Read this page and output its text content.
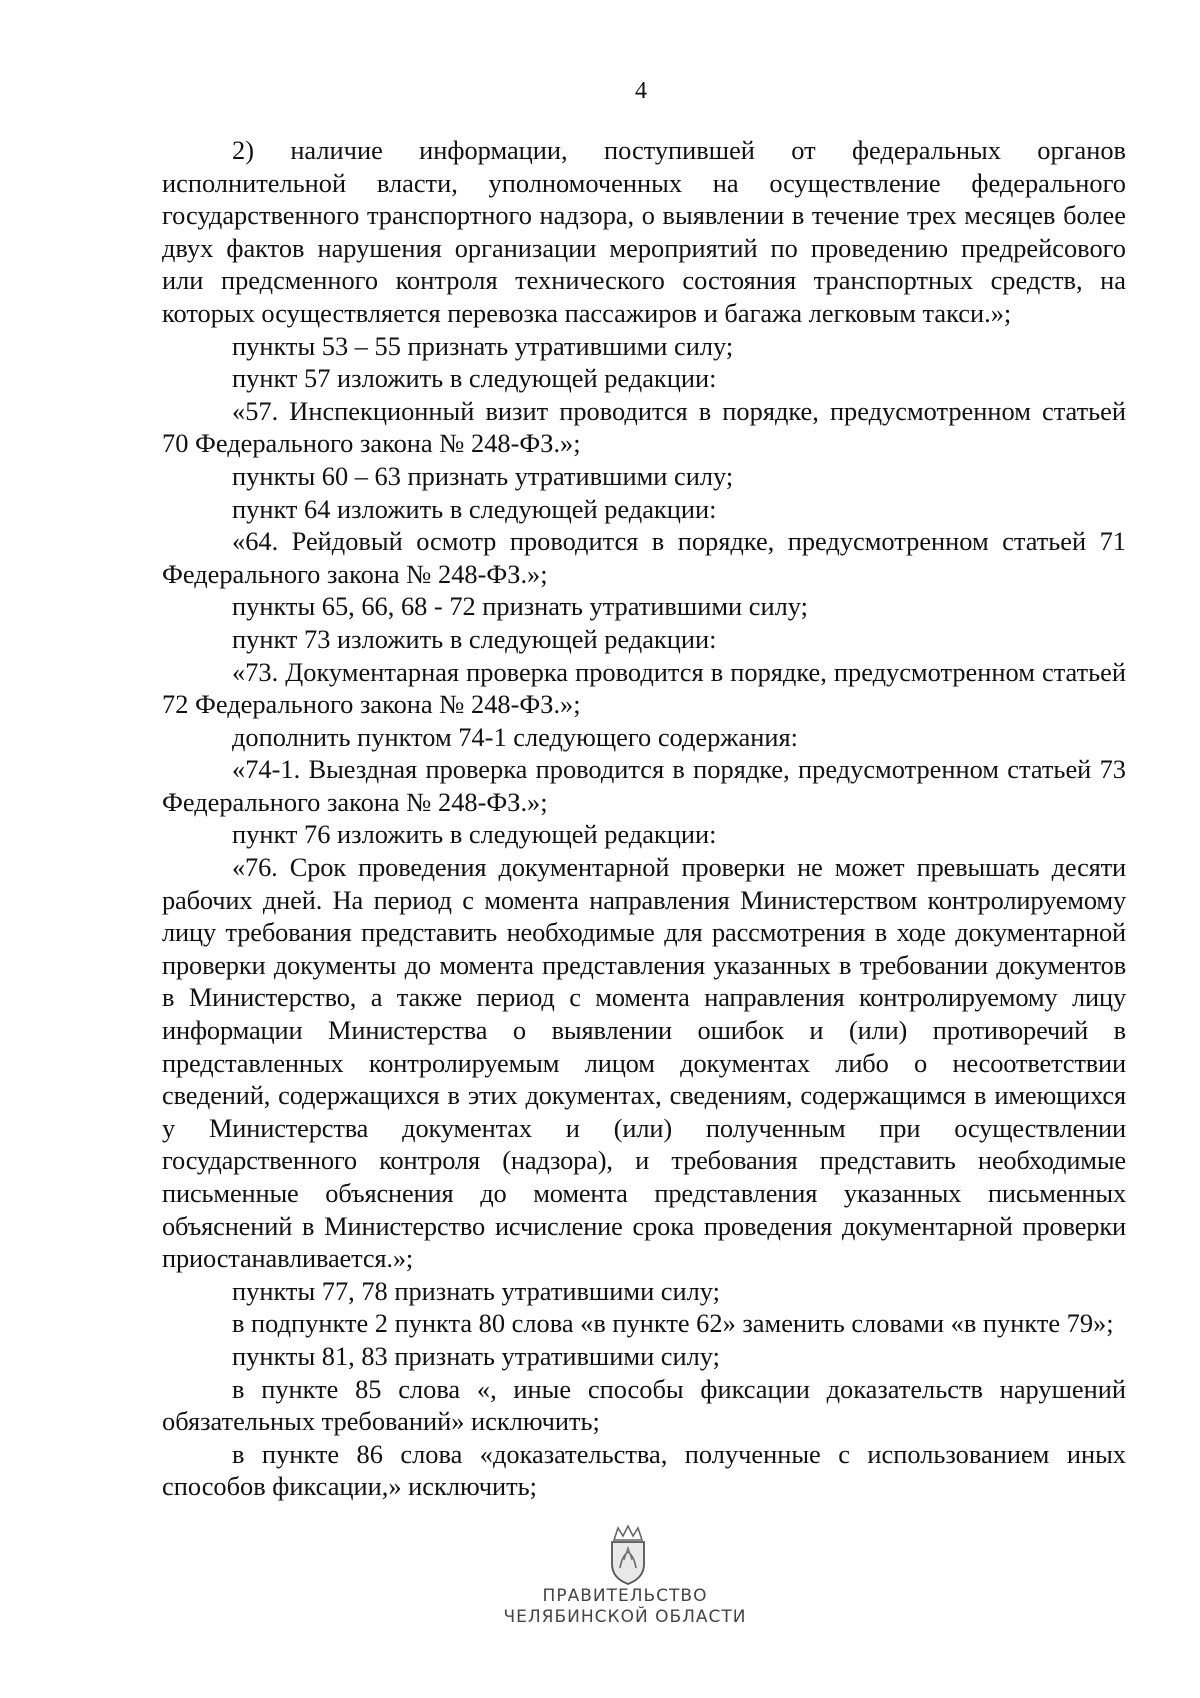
4

2) наличие информации, поступившей от федеральных органов исполнительной власти, уполномоченных на осуществление федерального государственного транспортного надзора, о выявлении в течение трех месяцев более двух фактов нарушения организации мероприятий по проведению предрейсового или предсменного контроля технического состояния транспортных средств, на которых осуществляется перевозка пассажиров и багажа легковым такси.»;

пункты 53 – 55 признать утратившими силу;

пункт 57 изложить в следующей редакции:

«57. Инспекционный визит проводится в порядке, предусмотренном статьей 70 Федерального закона № 248-ФЗ.»;

пункты 60 – 63 признать утратившими силу;

пункт 64 изложить в следующей редакции:

«64. Рейдовый осмотр проводится в порядке, предусмотренном статьей 71 Федерального закона № 248-ФЗ.»;

пункты 65, 66, 68 - 72 признать утратившими силу;

пункт 73 изложить в следующей редакции:

«73. Документарная проверка проводится в порядке, предусмотренном статьей 72 Федерального закона № 248-ФЗ.»;

дополнить пунктом 74-1 следующего содержания:

«74-1. Выездная проверка проводится в порядке, предусмотренном статьей 73 Федерального закона № 248-ФЗ.»;

пункт 76 изложить в следующей редакции:

«76. Срок проведения документарной проверки не может превышать десяти рабочих дней. На период с момента направления Министерством контролируемому лицу требования представить необходимые для рассмотрения в ходе документарной проверки документы до момента представления указанных в требовании документов в Министерство, а также период с момента направления контролируемому лицу информации Министерства о выявлении ошибок и (или) противоречий в представленных контролируемым лицом документах либо о несоответствии сведений, содержащихся в этих документах, сведениям, содержащимся в имеющихся у Министерства документах и (или) полученным при осуществлении государственного контроля (надзора), и требования представить необходимые письменные объяснения до момента представления указанных письменных объяснений в Министерство исчисление срока проведения документарной проверки приостанавливается.»;

пункты 77, 78 признать утратившими силу;

в подпункте 2 пункта 80 слова «в пункте 62» заменить словами «в пункте 79»;

пункты 81, 83 признать утратившими силу;

в пункте 85 слова «, иные способы фиксации доказательств нарушений обязательных требований» исключить;

в пункте 86 слова «доказательства, полученные с использованием иных способов фиксации,» исключить;

ПРАВИТЕЛЬСТВО
ЧЕЛЯБИНСКОЙ ОБЛАСТИ
